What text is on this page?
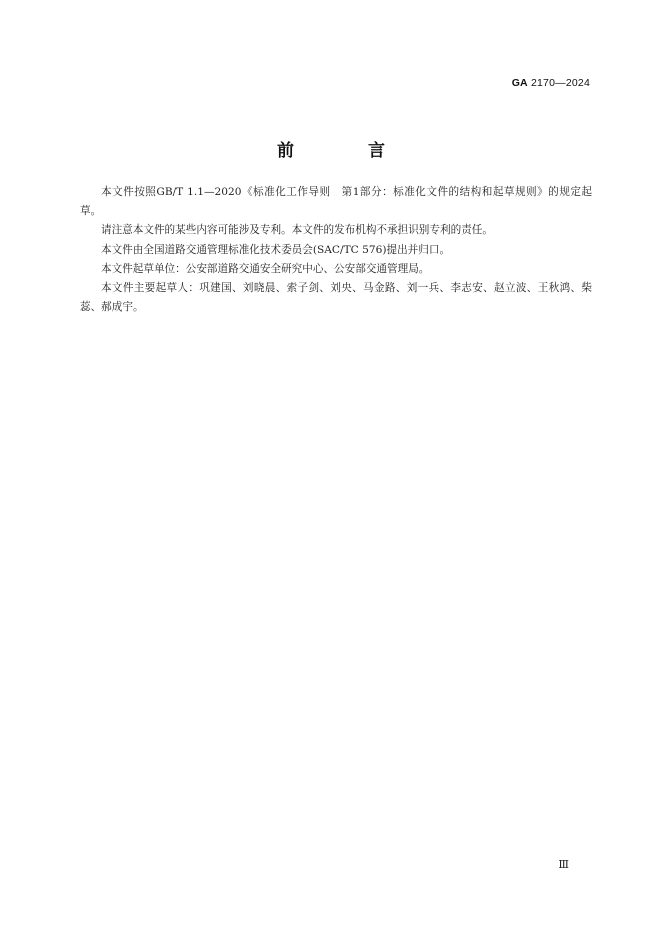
GA 2170—2024
前 言

本文件按照GB/T 1.1—2020《标准化工作导则　第1部分：标准化文件的结构和起草规则》的规定起草。

请注意本文件的某些内容可能涉及专利。本文件的发布机构不承担识别专利的责任。

本文件由全国道路交通管理标准化技术委员会(SAC/TC 576)提出并归口。

本文件起草单位：公安部道路交通安全研究中心、公安部交通管理局。

本文件主要起草人：巩建国、刘晓晨、索子剑、刘央、马金路、刘一兵、李志安、赵立波、王秋鸿、柴蕊、郝成宇。

Ⅲ
